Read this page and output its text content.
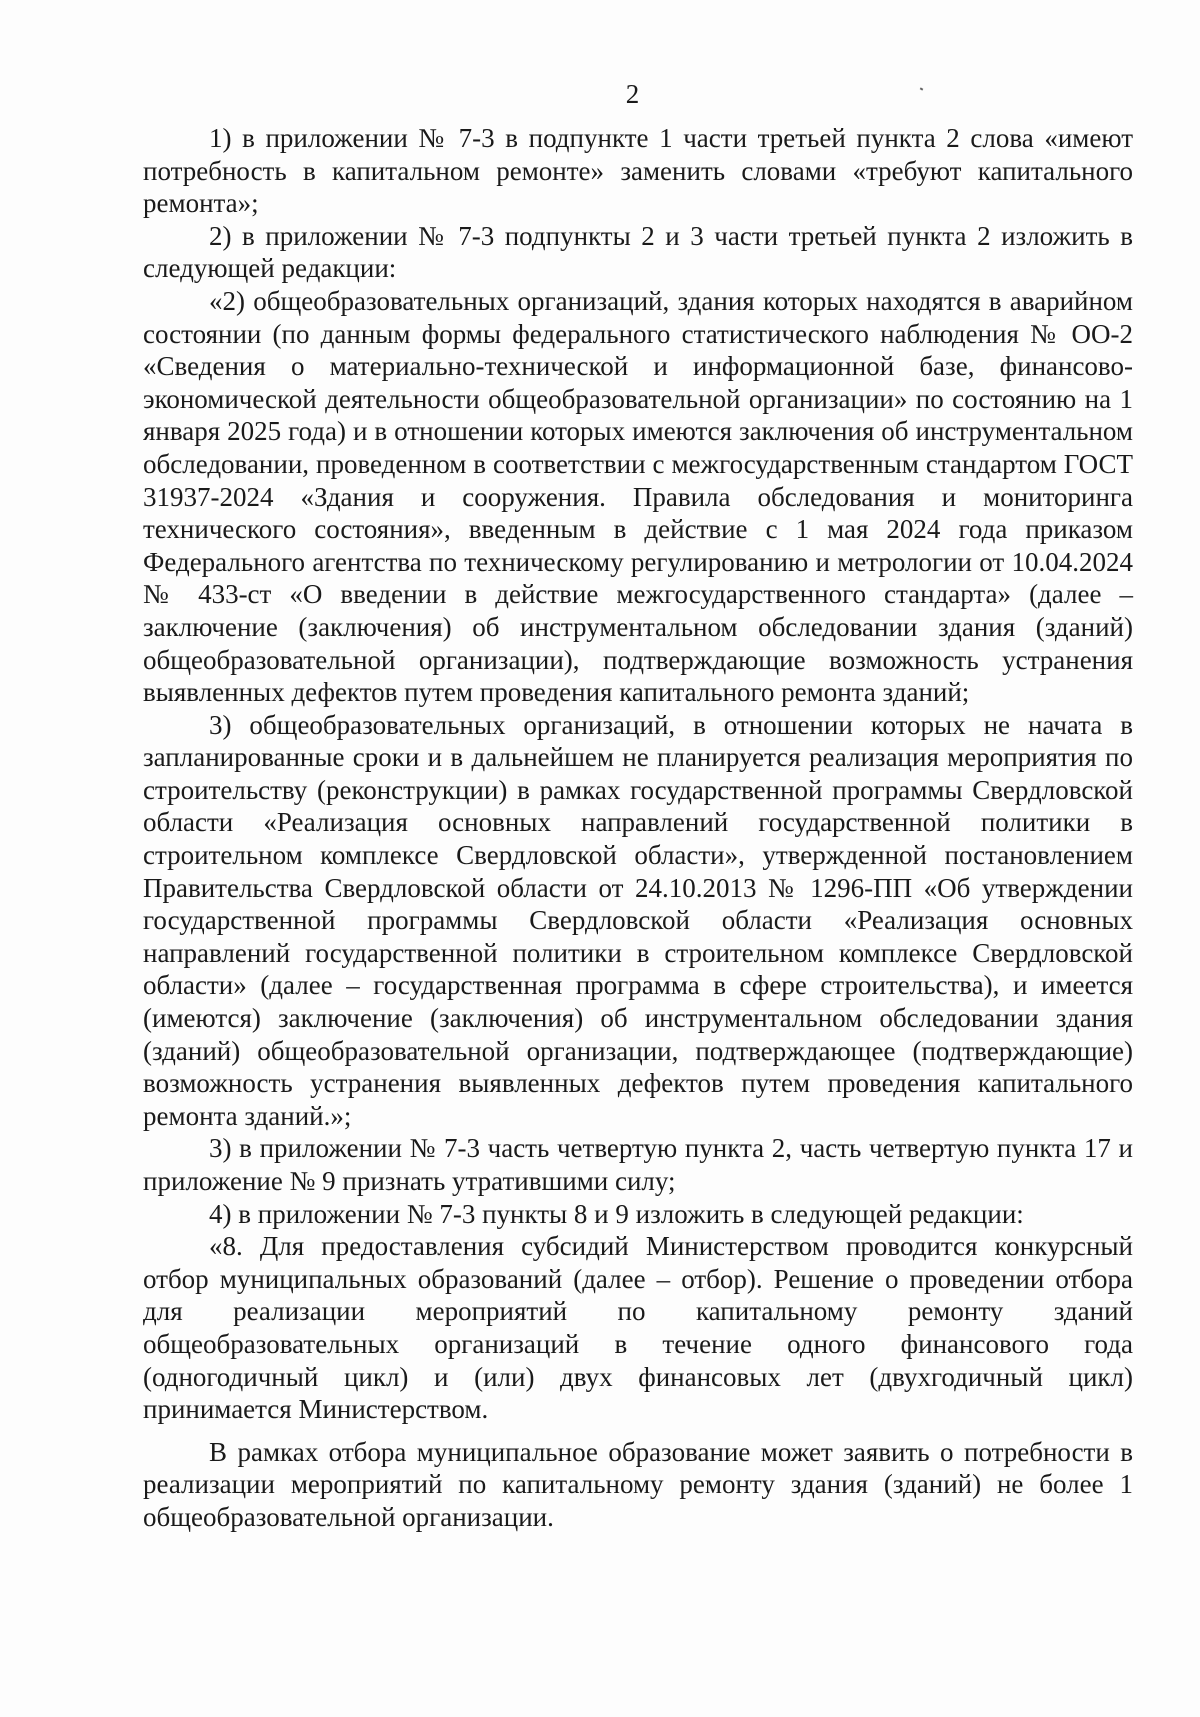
2

1) в приложении № 7-3 в подпункте 1 части третьей пункта 2 слова «имеют потребность в капитальном ремонте» заменить словами «требуют капитального ремонта»;

2) в приложении № 7-3 подпункты 2 и 3 части третьей пункта 2 изложить в следующей редакции:

«2) общеобразовательных организаций, здания которых находятся в аварийном состоянии (по данным формы федерального статистического наблюдения № ОО-2 «Сведения о материально-технической и информационной базе, финансово-экономической деятельности общеобразовательной организации» по состоянию на 1 января 2025 года) и в отношении которых имеются заключения об инструментальном обследовании, проведенном в соответствии с межгосударственным стандартом ГОСТ 31937-2024 «Здания и сооружения. Правила обследования и мониторинга технического состояния», введенным в действие с 1 мая 2024 года приказом Федерального агентства по техническому регулированию и метрологии от 10.04.2024 № 433-ст «О введении в действие межгосударственного стандарта» (далее – заключение (заключения) об инструментальном обследовании здания (зданий) общеобразовательной организации), подтверждающие возможность устранения выявленных дефектов путем проведения капитального ремонта зданий;

3) общеобразовательных организаций, в отношении которых не начата в запланированные сроки и в дальнейшем не планируется реализация мероприятия по строительству (реконструкции) в рамках государственной программы Свердловской области «Реализация основных направлений государственной политики в строительном комплексе Свердловской области», утвержденной постановлением Правительства Свердловской области от 24.10.2013 № 1296-ПП «Об утверждении государственной программы Свердловской области «Реализация основных направлений государственной политики в строительном комплексе Свердловской области» (далее – государственная программа в сфере строительства), и имеется (имеются) заключение (заключения) об инструментальном обследовании здания (зданий) общеобразовательной организации, подтверждающее (подтверждающие) возможность устранения выявленных дефектов путем проведения капитального ремонта зданий.»;

3) в приложении № 7-3 часть четвертую пункта 2, часть четвертую пункта 17 и приложение № 9 признать утратившими силу;

4) в приложении № 7-3 пункты 8 и 9 изложить в следующей редакции:

«8. Для предоставления субсидий Министерством проводится конкурсный отбор муниципальных образований (далее – отбор). Решение о проведении отбора для реализации мероприятий по капитальному ремонту зданий общеобразовательных организаций в течение одного финансового года (одногодичный цикл) и (или) двух финансовых лет (двухгодичный цикл) принимается Министерством.

В рамках отбора муниципальное образование может заявить о потребности в реализации мероприятий по капитальному ремонту здания (зданий) не более 1 общеобразовательной организации.
